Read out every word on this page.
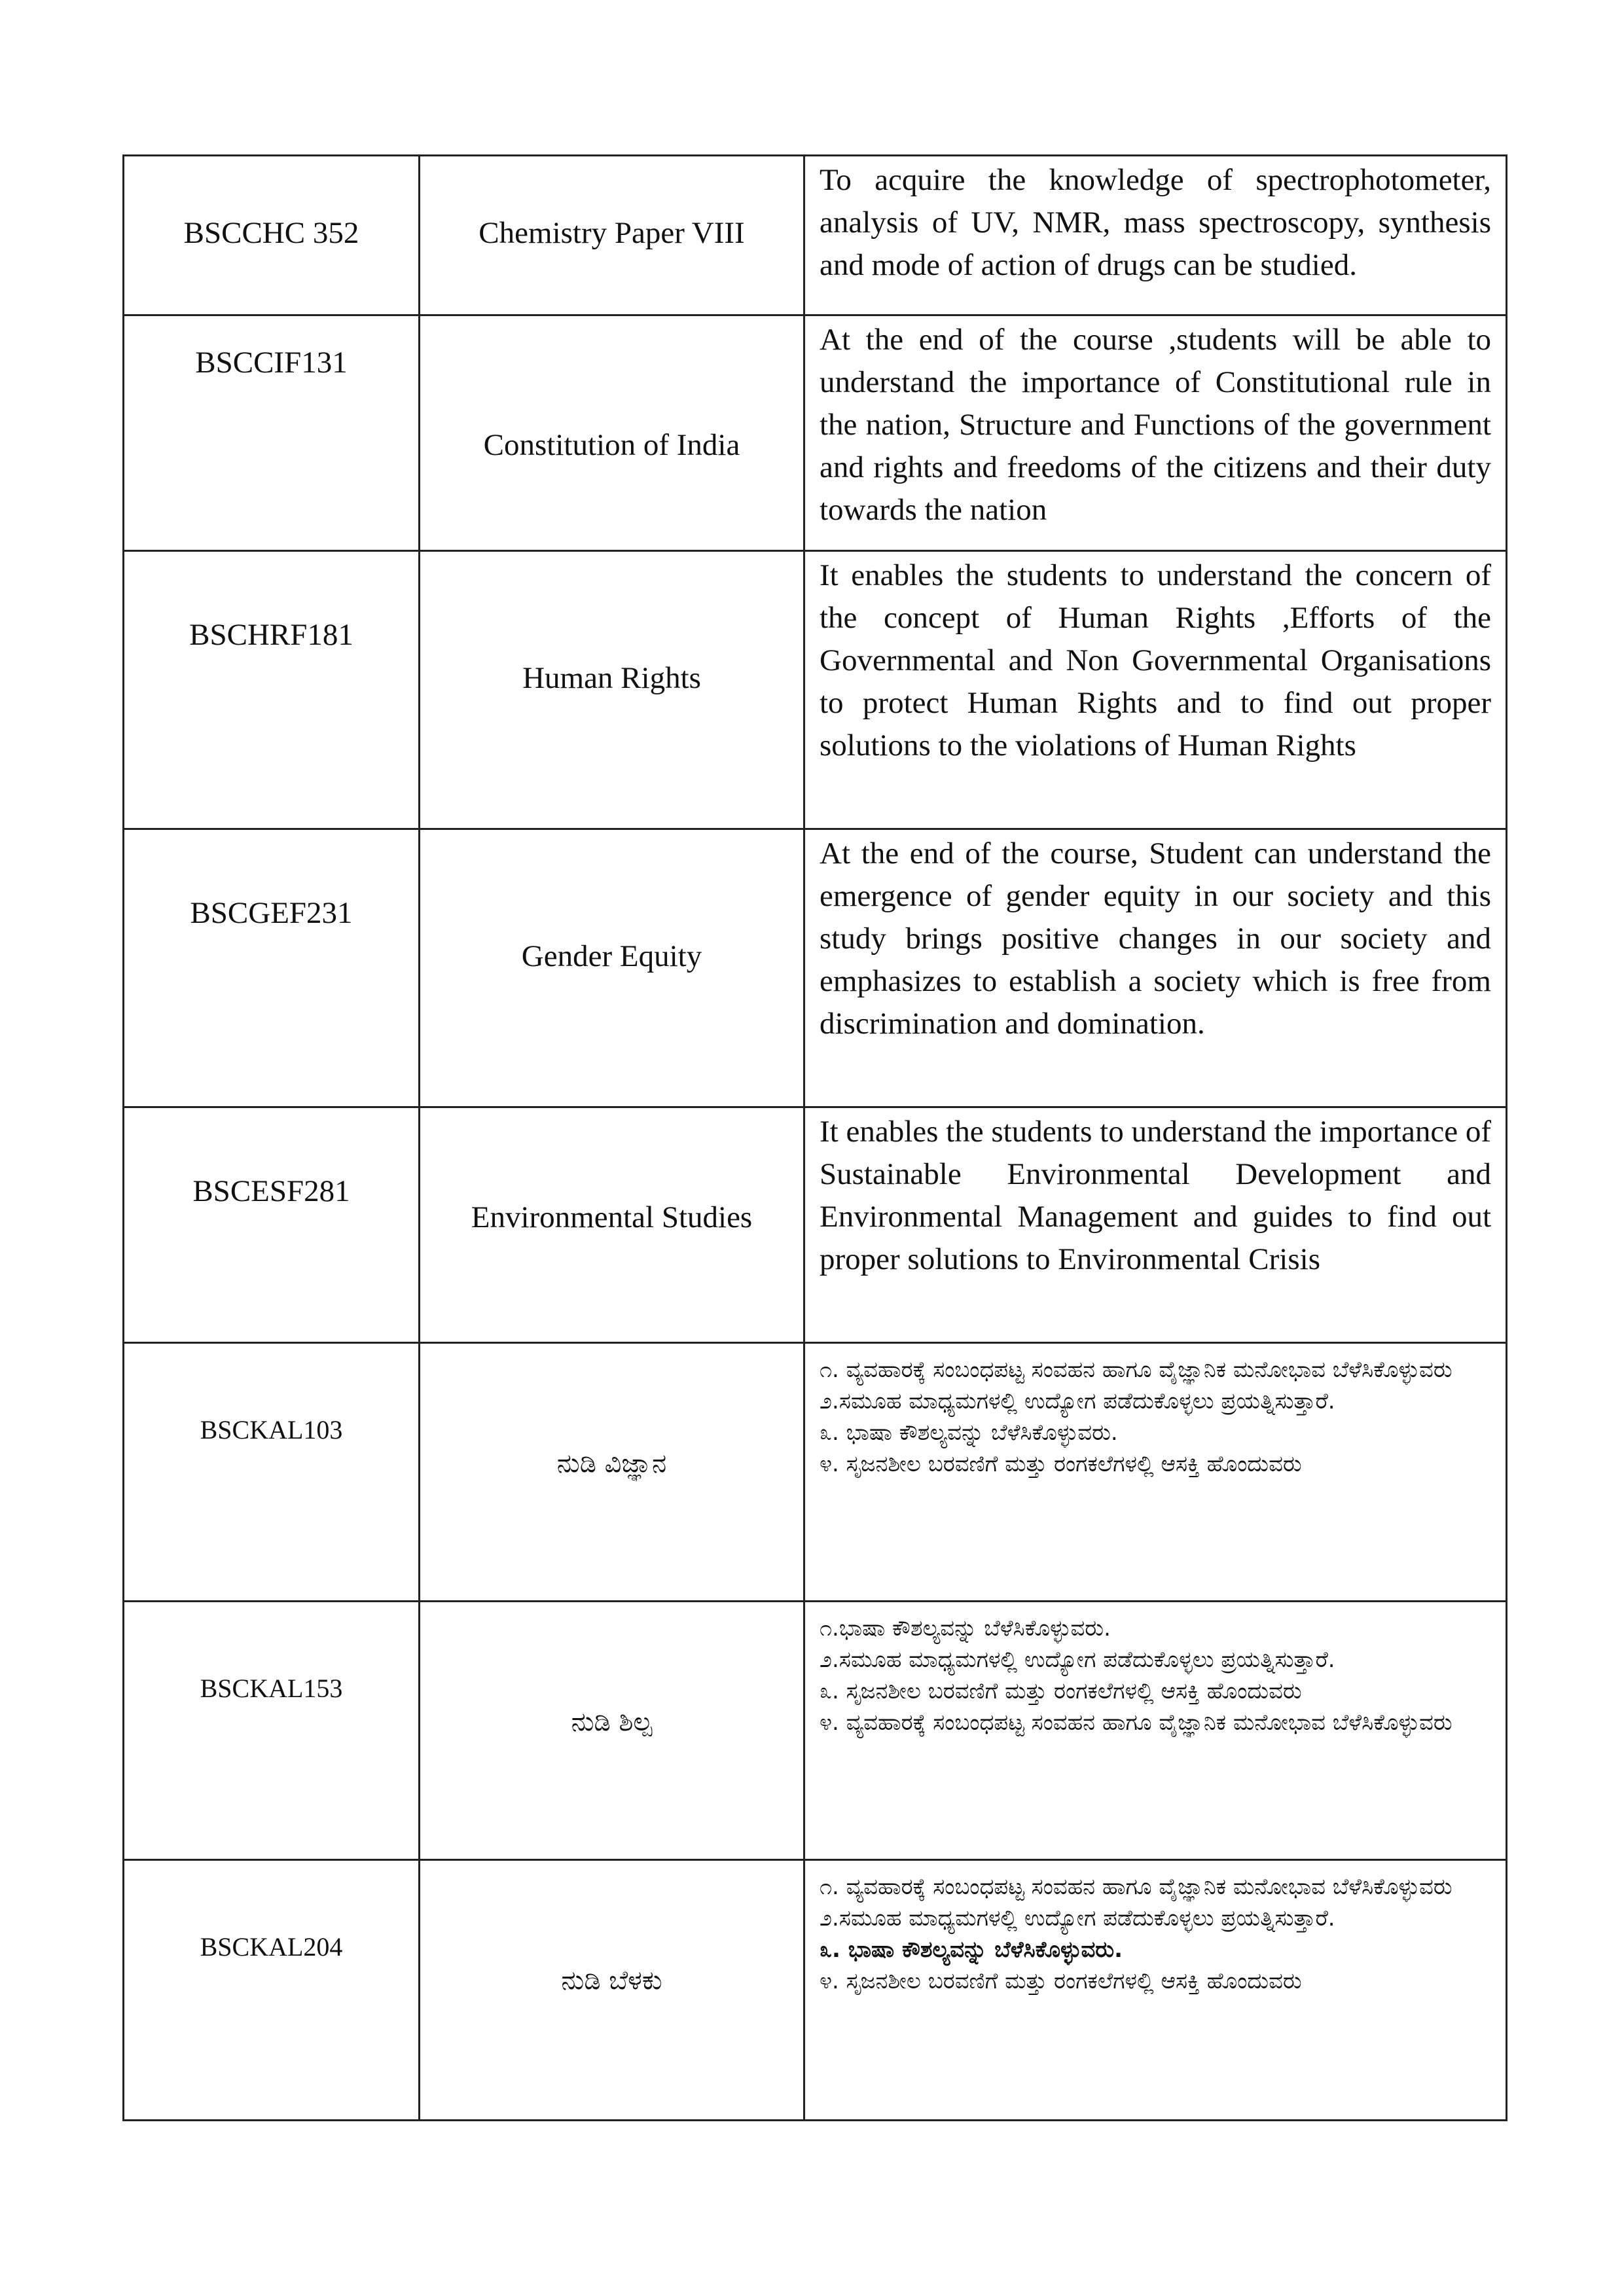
BSCCHC 352	Chemistry Paper VIII	To acquire the knowledge of spectrophotometer, analysis of UV, NMR, mass spectroscopy, synthesis and mode of action of drugs can be studied.

BSCCIF131	Constitution of India	At the end of the course ,students will be able to understand the importance of Constitutional rule in the nation, Structure and Functions of the government and rights and freedoms of the citizens and their duty towards the nation

BSCHRF181	Human Rights	It enables the students to understand the concern of the concept of Human Rights ,Efforts of the Governmental and Non Governmental Organisations to protect Human Rights and to find out proper solutions to the violations of Human Rights

BSCGEF231	Gender Equity	At the end of the course, Student can understand the emergence of gender equity in our society and this study brings positive changes in our society and emphasizes to establish a society which is free from discrimination and domination.

BSCESF281	Environmental Studies	It enables the students to understand the importance of Sustainable Environmental Development and Environmental Management and guides to find out proper solutions to Environmental Crisis

BSCKAL103	ನುಡಿ ವಿಜ್ಞಾನ	೧. ವ್ಯವಹಾರಕ್ಕೆ ಸಂಬಂಧಪಟ್ಟ ಸಂವಹನ ಹಾಗೂ ವೈಜ್ಞಾನಿಕ ಮನೋಭಾವ ಬೆಳೆಸಿಕೊಳ್ಳುವರು
೨.ಸಮೂಹ ಮಾಧ್ಯಮಗಳಲ್ಲಿ ಉದ್ಯೋಗ ಪಡೆದುಕೊಳ್ಳಲು ಪ್ರಯತ್ನಿಸುತ್ತಾರೆ.
೩. ಭಾಷಾ ಕೌಶಲ್ಯವನ್ನು ಬೆಳೆಸಿಕೊಳ್ಳುವರು.
೪. ಸೃಜನಶೀಲ ಬರವಣಿಗೆ ಮತ್ತು ರಂಗಕಲೆಗಳಲ್ಲಿ ಆಸಕ್ತಿ ಹೊಂದುವರು

BSCKAL153	ನುಡಿ ಶಿಲ್ಪ	೧.ಭಾಷಾ ಕೌಶಲ್ಯವನ್ನು ಬೆಳೆಸಿಕೊಳ್ಳುವರು.
೨.ಸಮೂಹ ಮಾಧ್ಯಮಗಳಲ್ಲಿ ಉದ್ಯೋಗ ಪಡೆದುಕೊಳ್ಳಲು ಪ್ರಯತ್ನಿಸುತ್ತಾರೆ.
೩. ಸೃಜನಶೀಲ ಬರವಣಿಗೆ ಮತ್ತು ರಂಗಕಲೆಗಳಲ್ಲಿ ಆಸಕ್ತಿ ಹೊಂದುವರು
೪. ವ್ಯವಹಾರಕ್ಕೆ ಸಂಬಂಧಪಟ್ಟ ಸಂವಹನ ಹಾಗೂ ವೈಜ್ಞಾನಿಕ ಮನೋಭಾವ ಬೆಳೆಸಿಕೊಳ್ಳುವರು

BSCKAL204	ನುಡಿ ಬೆಳಕು	೧. ವ್ಯವಹಾರಕ್ಕೆ ಸಂಬಂಧಪಟ್ಟ ಸಂವಹನ ಹಾಗೂ ವೈಜ್ಞಾನಿಕ ಮನೋಭಾವ ಬೆಳೆಸಿಕೊಳ್ಳುವರು
೨.ಸಮೂಹ ಮಾಧ್ಯಮಗಳಲ್ಲಿ ಉದ್ಯೋಗ ಪಡೆದುಕೊಳ್ಳಲು ಪ್ರಯತ್ನಿಸುತ್ತಾರೆ.
೩. ಭಾಷಾ ಕೌಶಲ್ಯವನ್ನು ಬೆಳೆಸಿಕೊಳ್ಳುವರು.
೪. ಸೃಜನಶೀಲ ಬರವಣಿಗೆ ಮತ್ತು ರಂಗಕಲೆಗಳಲ್ಲಿ ಆಸಕ್ತಿ ಹೊಂದುವರು
